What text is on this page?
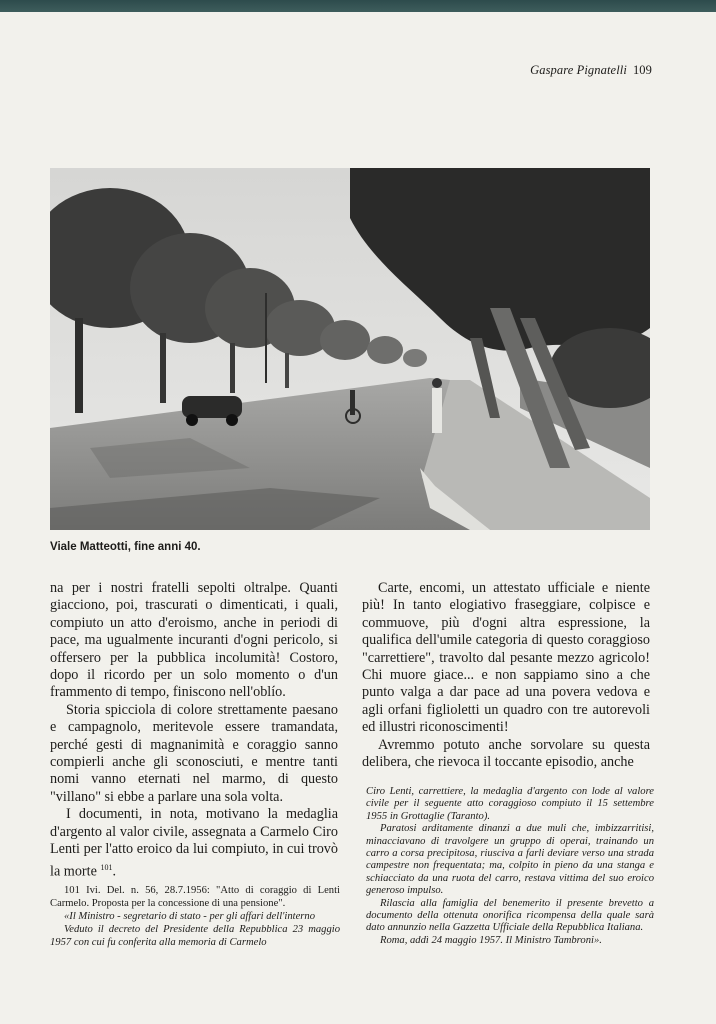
Gaspare Pignatelli 109
Viale Matteotti, fine anni 40.

na per i nostri fratelli sepolti oltralpe. Quanti giacciono, poi, trascurati o dimenticati, i quali, compiuto un atto d'eroismo, anche in periodi di pace, ma ugualmente incuranti d'ogni pericolo, si offersero per la pubblica incolumità! Costoro, dopo il ricordo per un solo momento o d'un frammento di tempo, finiscono nell'oblío.

Storia spicciola di colore strettamente paesano e campagnolo, meritevole essere tramandata, perché gesti di magnanimità e coraggio sanno compierli anche gli sconosciuti, e mentre tanti nomi vanno eternati nel marmo, di questo "villano" si ebbe a parlare una sola volta.

I documenti, in nota, motivano la medaglia d'argento al valor civile, assegnata a Carmelo Ciro Lenti per l'atto eroico da lui compiuto, in cui trovò la morte $^{101}$.

Carte, encomi, un attestato ufficiale e niente più! In tanto elogiativo fraseggiare, colpisce e commuove, più d'ogni altra espressione, la qualifica dell'umile categoria di questo coraggioso "carrettiere", travolto dal pesante mezzo agricolo! Chi muore giace... e non sappiamo sino a che punto valga a dar pace ad una povera vedova e agli orfani figlioletti un quadro con tre autorevoli ed illustri riconoscimenti!

Avremmo potuto anche sorvolare su questa delibera, che rievoca il toccante episodio, anche

101 Ivi. Del. n. 56, 28.7.1956: "Atto di coraggio di Lenti Carmelo. Proposta per la concessione di una pensione".

«Il Ministro - segretario di stato - per gli affari dell'interno

Veduto il decreto del Presidente della Repubblica 23 maggio 1957 con cui fu conferita alla memoria di Carmelo

Ciro Lenti, carrettiere, la medaglia d'argento con lode al valore civile per il seguente atto coraggioso compiuto il 15 settembre 1955 in Grottaglie (Taranto).

Paratosi arditamente dinanzi a due muli che, imbizzarritisi, minacciavano di travolgere un gruppo di operai, trainando un carro a corsa precipitosa, riusciva a farli deviare verso una strada campestre non frequentata; ma, colpito in pieno da una stanga e schiacciato da una ruota del carro, restava vittima del suo eroico generoso impulso.

Rilascia alla famiglia del benemerito il presente brevetto a documento della ottenuta onorifica ricompensa della quale sarà dato annunzio nella Gazzetta Ufficiale della Repubblica Italiana.

Roma, addì 24 maggio 1957. Il Ministro Tambroni».
